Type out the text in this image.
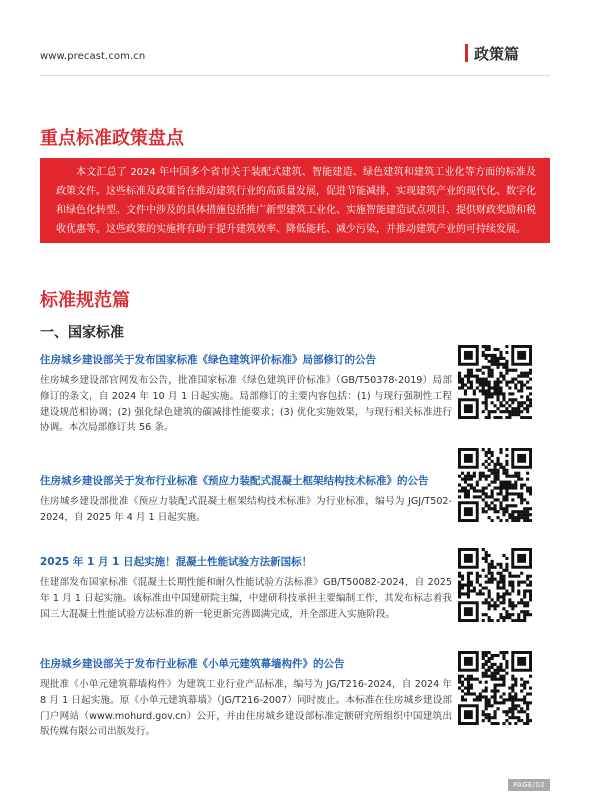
www.precast.com.cn	政策篇
重点标准政策盘点

本文汇总了 2024 年中国多个省市关于装配式建筑、智能建造、绿色建筑和建筑工业化等方面的标准及政策文件。这些标准及政策旨在推动建筑行业的高质量发展，促进节能减排，实现建筑产业的现代化、数字化和绿色化转型。文件中涉及的具体措施包括推广新型建筑工业化、实施智能建造试点项目、提供财政奖励和税收优惠等。这些政策的实施将有助于提升建筑效率、降低能耗、减少污染，并推动建筑产业的可持续发展。

标准规范篇
一、国家标准
住房城乡建设部关于发布国家标准《绿色建筑评价标准》局部修订的公告
住房城乡建设部官网发布公告，批准国家标准《绿色建筑评价标准》（GB/T50378-2019）局部修订的条文，自 2024 年 10 月 1 日起实施。局部修订的主要内容包括：(1) 与现行强制性工程建设规范相协调；(2) 强化绿色建筑的碳减排性能要求；(3) 优化实施效果，与现行相关标准进行协调。本次局部修订共 56 条。
住房城乡建设部关于发布行业标准《预应力装配式混凝土框架结构技术标准》的公告
住房城乡建设部批准《预应力装配式混凝土框架结构技术标准》为行业标准，编号为 JGJ/T502-2024，自 2025 年 4 月 1 日起实施。
2025 年 1 月 1 日起实施！混凝土性能试验方法新国标！
住建部发布国家标准《混凝土长期性能和耐久性能试验方法标准》GB/T50082-2024，自 2025 年 1 月 1 日起实施。该标准由中国建研院主编，中建研科技承担主要编制工作，其发布标志着我国三大混凝土性能试验方法标准的新一轮更新完善圆满完成，并全部进入实施阶段。
住房城乡建设部关于发布行业标准《小单元建筑幕墙构件》的公告
现批准《小单元建筑幕墙构件》为建筑工业行业产品标准，编号为 JG/T216-2024，自 2024 年 8 月 1 日起实施。原《小单元建筑幕墙》（JG/T216-2007）同时废止。本标准在住房城乡建设部门户网站（www.mohurd.gov.cn）公开，并由住房城乡建设部标准定额研究所组织中国建筑出版传媒有限公司出版发行。
PAGE/02
